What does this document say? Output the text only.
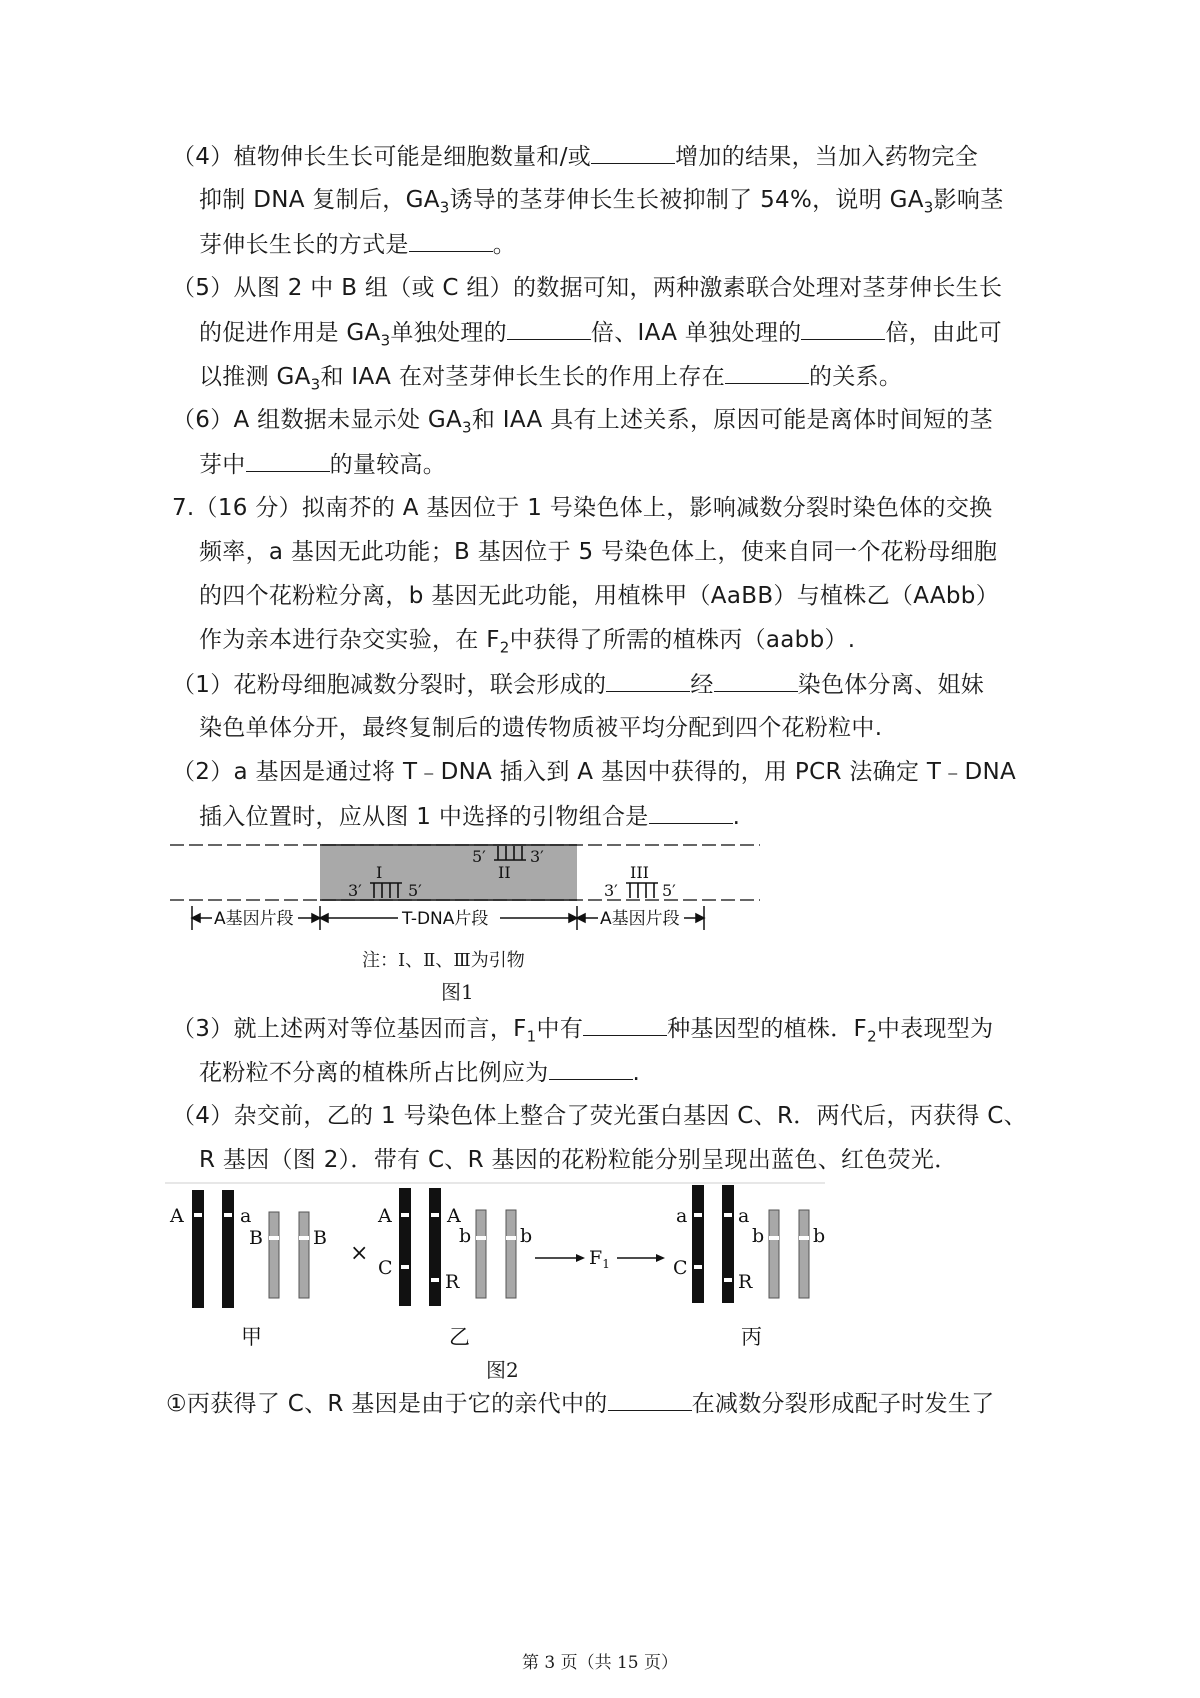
（4）植物伸长生长可能是细胞数量和/或	增加的结果，当加入药物完全
抑制 DNA 复制后，$GA_3$诱导的茎芽伸长生长被抑制了 54%，说明 $GA_3$影响茎
芽伸长生长的方式是	。
（5）从图 2 中 B 组（或 C 组）的数据可知，两种激素联合处理对茎芽伸长生长
的促进作用是 $GA_3$单独处理的	倍、IAA 单独处理的	倍，由此可
以推测 $GA_3$和 IAA 在对茎芽伸长生长的作用上存在	的关系。
（6）A 组数据未显示处 $GA_3$和 IAA 具有上述关系，原因可能是离体时间短的茎
芽中	的量较高。
7.（16 分）拟南芥的 A 基因位于 1 号染色体上，影响减数分裂时染色体的交换
频率，a 基因无此功能；B 基因位于 5 号染色体上，使来自同一个花粉母细胞
的四个花粉粒分离，b 基因无此功能，用植株甲（AaBB）与植株乙（AAbb）
作为亲本进行杂交实验，在 $F_2$中获得了所需的植株丙（aabb）.
（1）花粉母细胞减数分裂时，联会形成的	经	染色体分离、姐妹
染色单体分开，最终复制后的遗传物质被平均分配到四个花粉粒中.
（2）a 基因是通过将 T﹣DNA 插入到 A 基因中获得的，用 PCR 法确定 T﹣DNA
插入位置时，应从图 1 中选择的引物组合是	.
I
3′	5′
5′	3′
II	III
3′	5′
A基因片段	T-DNA片段	A基因片段
注：Ⅰ、Ⅱ、Ⅲ为引物
图1
（3）就上述两对等位基因而言，$F_1$中有	种基因型的植株．$F_2$中表现型为
花粉粒不分离的植株所占比例应为	.
（4）杂交前，乙的 1 号染色体上整合了荧光蛋白基因 C、R．两代后，丙获得 C、
R 基因（图 2）．带有 C、R 基因的花粉粒能分别呈现出蓝色、红色荧光．
A	a
B	B
×
A
C
A
R
b	b
$F_1$
a
C
a
R
b	b
甲	乙	丙
图2
①丙获得了 C、R 基因是由于它的亲代中的	在减数分裂形成配子时发生了
第 3 页（共 15 页）
